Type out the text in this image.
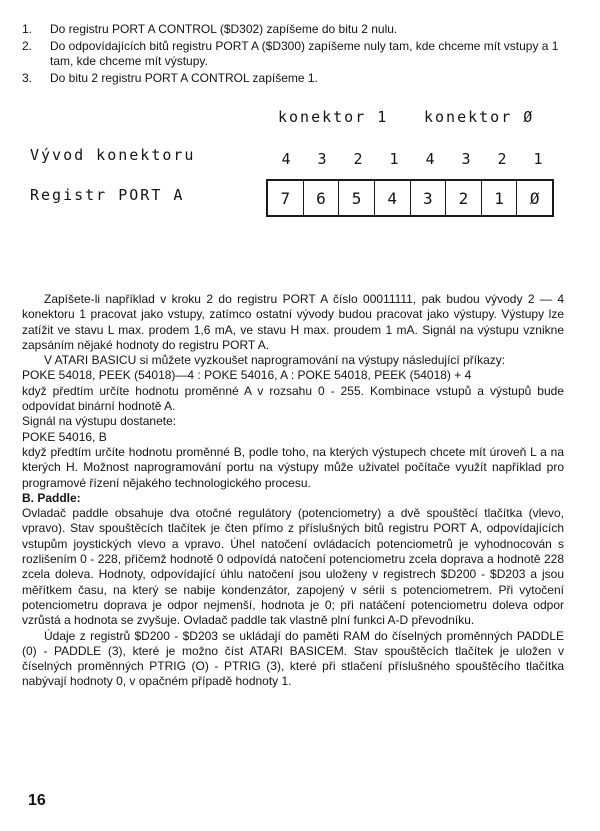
1.	Do registru PORT A CONTROL ($D302) zapíšeme do bitu 2 nulu.
2.	Do odpovídajících bitů registru PORT A ($D300) zapíšeme nuly tam, kde chceme mít vstupy a 1 tam, kde chceme mít výstupy.
3.	Do bitu 2 registru PORT A CONTROL zapíšeme 1.
konektor 1 konektor Ø
Vývod konektoru	4	3	2	1	4	3	2	1
Registr PORT A	7	6	5	4	3	2	1	Ø

Zapíšete-li například v kroku 2 do registru PORT A číslo 00011111, pak budou vývody 2 — 4 konektoru 1 pracovat jako vstupy, zatímco ostatní vývody budou pracovat jako výstupy. Výstupy lze zatížit ve stavu L max. prodem 1,6 mA, ve stavu H max. proudem 1 mA. Signál na výstupu vznikne zapsáním nějaké hodnoty do registru PORT A.

V ATARI BASICU si můžete vyzkoušet naprogramování na výstupy následující příkazy:

POKE 54018, PEEK (54018)—4 : POKE 54016, A : POKE 54018, PEEK (54018) + 4

když předtím určíte hodnotu proměnné A v rozsahu 0 - 255. Kombinace vstupů a výstupů bude odpovídat binární hodnotě A.

Signál na výstupu dostanete:

POKE 54016, B

když předtím určíte hodnotu proměnné B, podle toho, na kterých výstupech chcete mít úroveň L a na kterých H. Možnost naprogramování portu na výstupy může uživatel počítače využít například pro programové řízení nějakého technologického procesu.

B. Paddle:

Ovladač paddle obsahuje dva otočné regulátory (potenciometry) a dvě spouštěcí tlačítka (vlevo, vpravo). Stav spouštěcích tlačítek je čten přímo z příslušných bitů registru PORT A, odpovídajících vstupům joystických vlevo a vpravo. Úhel natočení ovládacích potenciometrů je vyhodnocován s rozlišením 0 - 228, přičemž hodnotě 0 odpovídá natočení potenciometru zcela doprava a hodnotě 228 zcela doleva. Hodnoty, odpovídající úhlu natočení jsou uloženy v registrech $D200 - $D203 a jsou měřítkem času, na který se nabije kondenzátor, zapojený v sérii s potenciometrem. Při vytočení potenciometru doprava je odpor nejmenší, hodnota je 0; při natáčení potenciometru doleva odpor vzrůstá a hodnota se zvyšuje. Ovladač paddle tak vlastně plní funkci A-D převodníku.

Údaje z registrů $D200 - $D203 se ukládají do paměti RAM do číselných proměnných PADDLE (0) - PADDLE (3), které je možno číst ATARI BASICEM. Stav spouštěcích tlačítek je uložen v číselných proměnných PTRIG (O) - PTRIG (3), které při stlačení příslušného spouštěcího tlačítka nabývají hodnoty 0, v opačném případě hodnoty 1.

16
